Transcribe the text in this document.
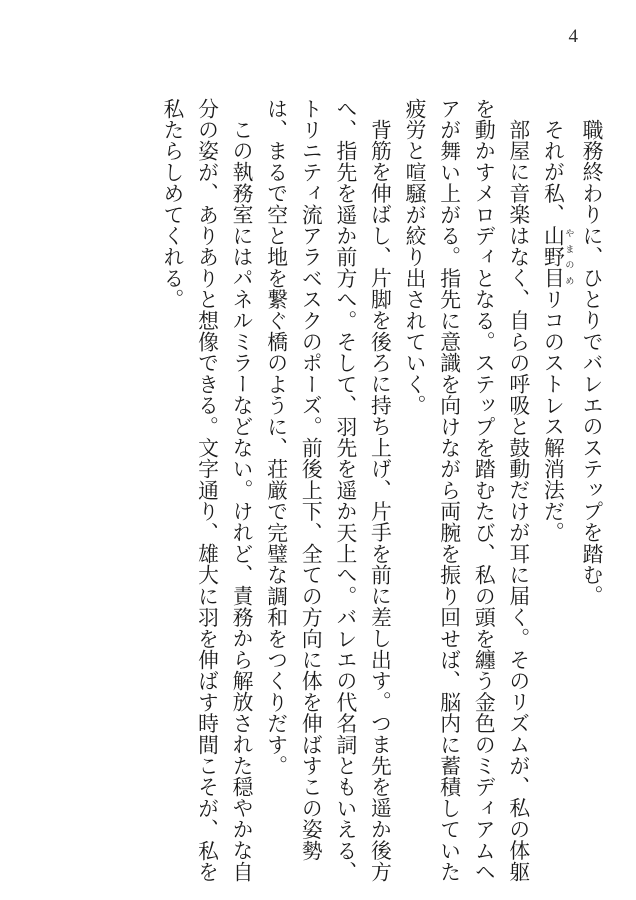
4

職務終わりに、ひとりでバレエのステップを踏む。

それが私、山野目 やまのめリコのストレス解消法だ。

部屋に音楽はなく、自らの呼吸と鼓動だけが耳に届く。そのリズムが、私の体躯を動かすメロディとなる。ステップを踏むたび、私の頭を纏う金色のミディアムヘアが舞い上がる。指先に意識を向けながら両腕を振り回せば、脳内に蓄積していた疲労と喧騒が絞り出されていく。

背筋を伸ばし、片脚を後ろに持ち上げ、片手を前に差し出す。つま先を遥か後方へ、指先を遥か前方へ。そして、羽先を遥か天上へ。バレエの代名詞ともいえる、トリニティ流アラベスクのポーズ。前後上下、全ての方向に体を伸ばすこの姿勢は、まるで空と地を繋ぐ橋のように、荘厳で完璧な調和をつくりだす。

この執務室にはパネルミラーなどない。けれど、責務から解放された穏やかな自分の姿が、ありありと想像できる。文字通り、雄大に羽を伸ばす時間こそが、私を私たらしめてくれる。
